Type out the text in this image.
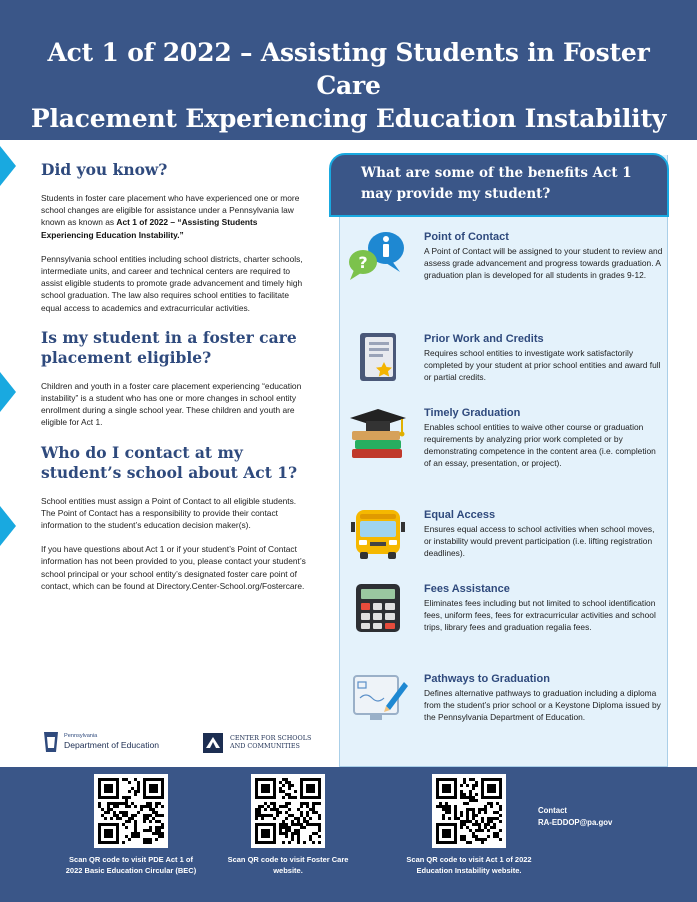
Act 1 of 2022 – Assisting Students in Foster Care
Placement Experiencing Education Instability
Did you know?

Students in foster care placement who have experienced one or more school changes are eligible for assistance under a Pennsylvania law known as known as Act 1 of 2022 – “Assisting Students Experiencing Education Instability.”

Pennsylvania school entities including school districts, charter schools, intermediate units, and career and technical centers are required to assist eligible students to promote grade advancement and timely high school graduation. The law also requires school entities to facilitate equal access to academics and extracurricular activities.

Is my student in a foster care placement eligible?

Children and youth in a foster care placement experiencing “education instability” is a student who has one or more changes in school entity enrollment during a single school year. These children and youth are eligible for Act 1.

Who do I contact at my student’s school about Act 1?

School entities must assign a Point of Contact to all eligible students. The Point of Contact has a responsibility to provide their contact information to the student’s education decision maker(s).

If you have questions about Act 1 or if your student’s Point of Contact information has not been provided to you, please contact your student’s school principal or your school entity’s designated foster care point of contact, which can be found at Directory.Center-School.org/Fostercare.

Pennsylvania
Department of Education
CENTER FOR SCHOOLS
AND COMMUNITIES
What are some of the benefits Act 1 may provide my student?
?
Point of Contact
A Point of Contact will be assigned to your student to review and assess grade advancement and progress towards graduation. A graduation plan is developed for all students in grades 9-12.
Prior Work and Credits
Requires school entities to investigate work satisfactorily completed by your student at prior school entities and award full or partial credits.
Timely Graduation
Enables school entities to waive other course or graduation requirements by analyzing prior work completed or by demonstrating competence in the content area (i.e. completion of an essay, presentation, or project).
Equal Access
Ensures equal access to school activities when school moves, or instability would prevent participation (i.e. lifting registration deadlines).
Fees Assistance
Eliminates fees including but not limited to school identification fees, uniform fees, fees for extracurricular activities and school trips, library fees and graduation regalia fees.
Pathways to Graduation
Defines alternative pathways to graduation including a diploma from the student’s prior school or a Keystone Diploma issued by the Pennsylvania Department of Education.
Scan QR code to visit PDE Act 1 of 2022 Basic Education Circular (BEC)
Scan QR code to visit Foster Care website.
Scan QR code to visit Act 1 of 2022 Education Instability website.
Contact
RA-EDDOP@pa.gov
